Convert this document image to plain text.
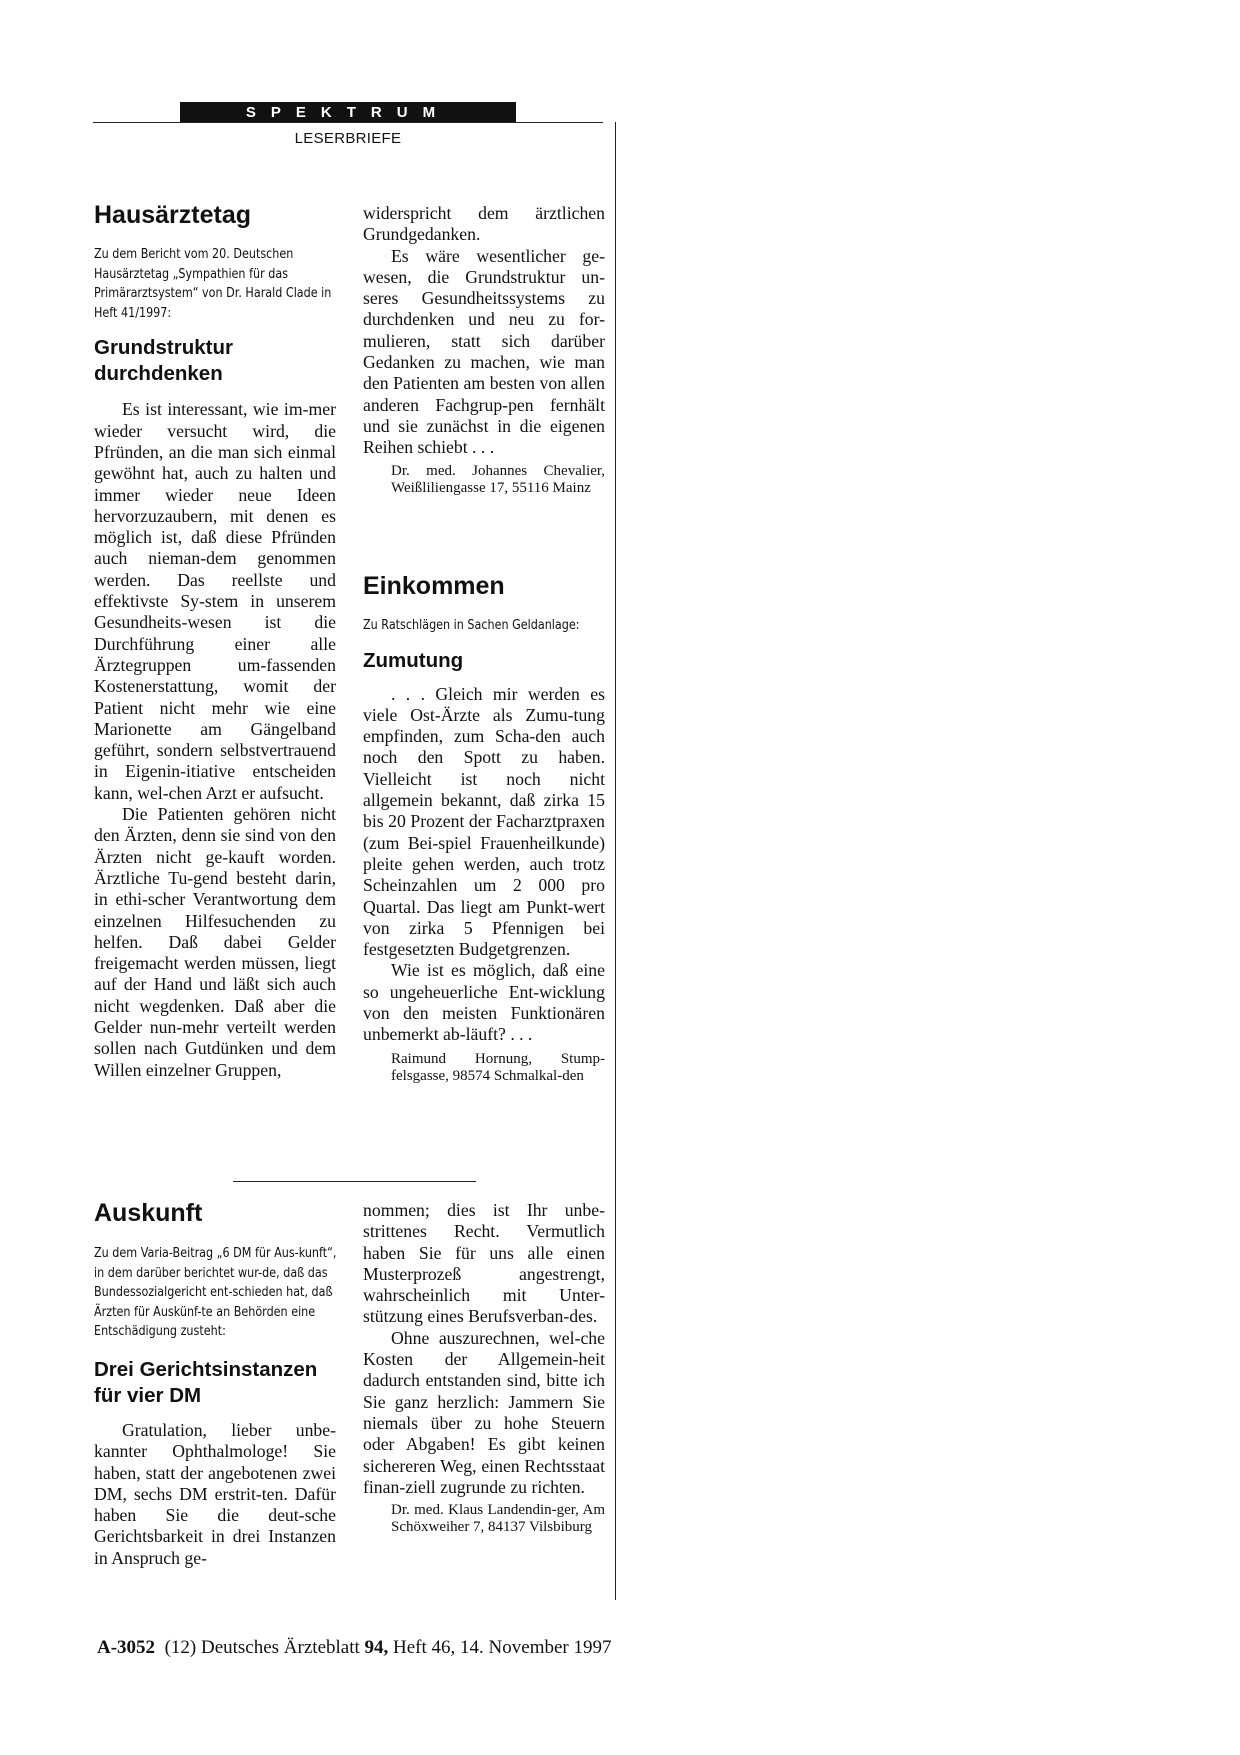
SPEKTRUM
LESERBRIEFE
Hausärztetag

Zu dem Bericht vom 20. Deutschen Hausärztetag „Sympathien für das Primärarztsystem“ von Dr. Harald Clade in Heft 41/1997:

Grundstruktur durchdenken

Es ist interessant, wie im-mer wieder versucht wird, die Pfründen, an die man sich einmal gewöhnt hat, auch zu halten und immer wieder neue Ideen hervorzuzaubern, mit denen es möglich ist, daß diese Pfründen auch nieman-dem genommen werden. Das reellste und effektivste Sy-stem in unserem Gesundheits-wesen ist die Durchführung einer alle Ärztegruppen um-fassenden Kostenerstattung, womit der Patient nicht mehr wie eine Marionette am Gängelband geführt, sondern selbstvertrauend in Eigenin-itiative entscheiden kann, wel-chen Arzt er aufsucht.

Die Patienten gehören nicht den Ärzten, denn sie sind von den Ärzten nicht ge-kauft worden. Ärztliche Tu-gend besteht darin, in ethi-scher Verantwortung dem einzelnen Hilfesuchenden zu helfen. Daß dabei Gelder freigemacht werden müssen, liegt auf der Hand und läßt sich auch nicht wegdenken. Daß aber die Gelder nun-mehr verteilt werden sollen nach Gutdünken und dem Willen einzelner Gruppen,

widerspricht dem ärztlichen Grundgedanken.

Es wäre wesentlicher ge-wesen, die Grundstruktur un-seres Gesundheitssystems zu durchdenken und neu zu for-mulieren, statt sich darüber Gedanken zu machen, wie man den Patienten am besten von allen anderen Fachgrup-pen fernhält und sie zunächst in die eigenen Reihen schiebt . . .

Dr. med. Johannes Chevalier, Weißliliengasse 17, 55116 Mainz
Einkommen

Zu Ratschlägen in Sachen Geldanlage:

Zumutung

. . . Gleich mir werden es viele Ost-Ärzte als Zumu-tung empfinden, zum Scha-den auch noch den Spott zu haben. Vielleicht ist noch nicht allgemein bekannt, daß zirka 15 bis 20 Prozent der Facharztpraxen (zum Bei-spiel Frauenheilkunde) pleite gehen werden, auch trotz Scheinzahlen um 2 000 pro Quartal. Das liegt am Punkt-wert von zirka 5 Pfennigen bei festgesetzten Budgetgrenzen.

Wie ist es möglich, daß eine so ungeheuerliche Ent-wicklung von den meisten Funktionären unbemerkt ab-läuft? . . .

Raimund Hornung, Stump-felsgasse, 98574 Schmalkal-den
Auskunft

Zu dem Varia-Beitrag „6 DM für Aus-kunft“, in dem darüber berichtet wur-de, daß das Bundessozialgericht ent-schieden hat, daß Ärzten für Auskünf-te an Behörden eine Entschädigung zusteht:

Drei Gerichtsinstanzen für vier DM

Gratulation, lieber unbe-kannter Ophthalmologe! Sie haben, statt der angebotenen zwei DM, sechs DM erstrit-ten. Dafür haben Sie die deut-sche Gerichtsbarkeit in drei Instanzen in Anspruch ge-

nommen; dies ist Ihr unbe-strittenes Recht. Vermutlich haben Sie für uns alle einen Musterprozeß angestrengt, wahrscheinlich mit Unter-stützung eines Berufsverban-des.

Ohne auszurechnen, wel-che Kosten der Allgemein-heit dadurch entstanden sind, bitte ich Sie ganz herzlich: Jammern Sie niemals über zu hohe Steuern oder Abgaben! Es gibt keinen sichereren Weg, einen Rechtsstaat finan-ziell zugrunde zu richten.

Dr. med. Klaus Landendin-ger, Am Schöxweiher 7, 84137 Vilsbiburg
A-3052 (12) Deutsches Ärzteblatt 94, Heft 46, 14. November 1997
